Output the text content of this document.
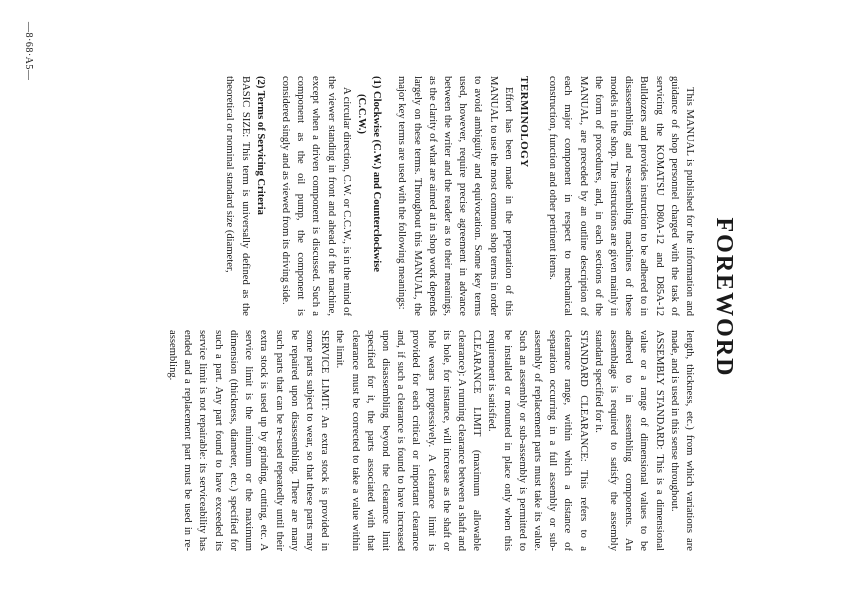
FOREWORD

This MANUAL is published for the information and guidance of shop personnel charged with the task of servicing the KOMATSU D80A-12 and D85A-12 Bulldozers and provides instruction to be adhered to in disassembling and re-assembling machines of these models in the shop. The instructions are given mainly in the form of procedures, and, in each sections of the MANUAL, are preceded by an outline description of each major component in respect to mechanical construction, function and other pertinent items.

TERMINOLOGY

Effort has been made in the preparation of this MANUAL to use the most common shop terms in order to avoid ambiguity and equivocation. Some key terms used, however, require precise agreement in advance between the writer and the reader as to their meanings, as the clarity of what are aimed at in shop work depends largely on these terms. Throughout this MANUAL, the major key terms are used with the following meanings:

(1) Clockwise (C.W.) and Counterclockwise
(C.C.W.)

A circular direction, C.W. or C.C.W., is in the mind of the viewer standing in front and ahead of the machine, except when a driven component is discussed. Such a component as the oil pump, the component is considered singly and as viewed from its driving side.

(2) Terms of Servicing Criteria

BASIC SIZE: This term is universally defined as the theoretical or nominal standard size (diameter,

length, thickness, etc.) from which variations are made, and is used in this sense throughout.

ASSEMBLY STANDARD: This is a dimensional value or a range of dimensional values to be adhered to in assembling components. An assemblage is required to satisfy the assembly standard specified for it.

STANDARD CLEARANCE: This refers to a clearance range, within which a distance of separation occurring in a full assembly or sub-assembly of replacement parts must take its value. Such an assembly or sub-assembly is permitted to be installed or mounted in place only when this requirement is satisfied.

CLEARANCE LIMIT (maximum allowable clearance): A running clearance between a shaft and its hole, for instance, will increase as the shaft or hole wears progressively. A clearance limit is provided for each critical or important clearance and, if such a clearance is found to have increased upon disassembling beyond the clearance limit specified for it, the parts associated with that clearance must be corrected to take a value within the limit.

SERVICE LIMIT: An extra stock is provided in some parts subject to wear, so that these parts may be repaired upon disassembling. There are many such parts that can be re-used repeatedly until their extra stock is used up by grinding, cutting, etc. A service limit is the minimum or the maximum dimension (thickness, diameter, etc.) specified for such a part. Any part found to have exceeded its service limit is not repairable: its serviceability has ended and a replacement part must be used in re-assembling.

—8·68·A5—
